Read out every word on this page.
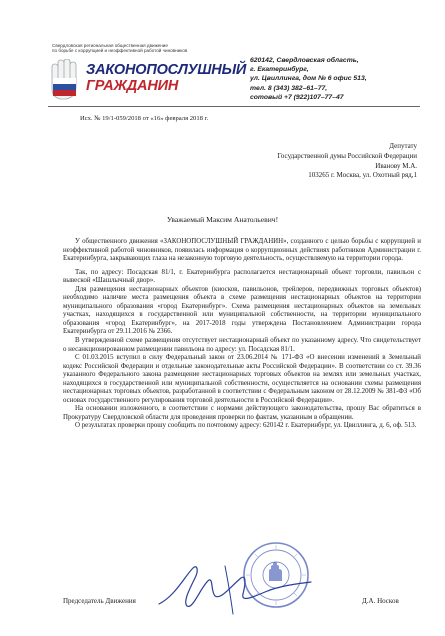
Свердловская региональная общественная движение
по борьбе с коррупцией и неэффективной работой чиновников
ЗАКОНОПОСЛУШНЫЙ
ГРАЖДАНИН
620142, Свердловская область,
г. Екатеринбург,
ул. Цвиллинга, дом № 6 офис 513,
тел. 8 (343) 382–61–77,
сотовый +7 (922)107–77–47
Исх. № 19/1-059/2018 от «16» февраля 2018 г.
Депутату
Государственной думы Российской Федерации
Иванову М.А.
103265 г. Москва, ул. Охотный ряд,1
Уважаемый Максим Анатольевич!

У общественного движения «ЗАКОНОПОСЛУШНЫЙ ГРАЖДАНИН», созданного с целью борьбы с коррупцией и неэффективной работой чиновников, появилась информация о коррупционных действиях работников Администрации г. Екатеринбурга, закрывающих глаза на незаконную торговую деятельность, осуществляемую на территории города.

Так, по адресу: Посадская 81/1, г. Екатеринбурга располагается нестационарный объект торговли, павильон с вывеской «Шашлычный двор».

Для размещения нестационарных объектов (киосков, павильонов, трейлеров, передвижных торговых объектов) необходимо наличие места размещения объекта в схеме размещения нестационарных объектов на территории муниципального образования «город Екатеринбург». Схема размещения нестационарных объектов на земельных участках, находящихся в государственной или муниципальной собственности, на территории муниципального образования «город Екатеринбург», на 2017-2018 годы утверждена Постановлением Администрации города Екатеринбурга от 29.11.2016 № 2366.

В утвержденной схеме размещения отсутствует нестационарный объект по указанному адресу. Что свидетельствует о несанкционированном размещении павильона по адресу: ул. Посадская 81/1.

С 01.03.2015 вступил в силу Федеральный закон от 23.06.2014 № 171-ФЗ «О внесении изменений в Земельный кодекс Российской Федерации и отдельные законодательные акты Российской Федерации». В соответствии со ст. 39.36 указанного Федерального закона размещение нестационарных торговых объектов на землях или земельных участках, находящихся в государственной или муниципальной собственности, осуществляется на основании схемы размещения нестационарных торговых объектов, разработанной в соответствии с Федеральным законом от 28.12.2009 № 381-ФЗ «Об основах государственного регулирования торговой деятельности в Российской Федерации».

На основании изложенного, в соответствии с нормами действующего законодательства, прошу Вас обратиться в Прокуратуру Свердловской области для проведения проверки по фактам, указанным в обращении.

О результатах проверки прошу сообщить по почтовому адресу: 620142 г. Екатеринбург, ул. Цвиллинга, д. 6, оф. 513.

Председатель Движения	Д.А. Носков
